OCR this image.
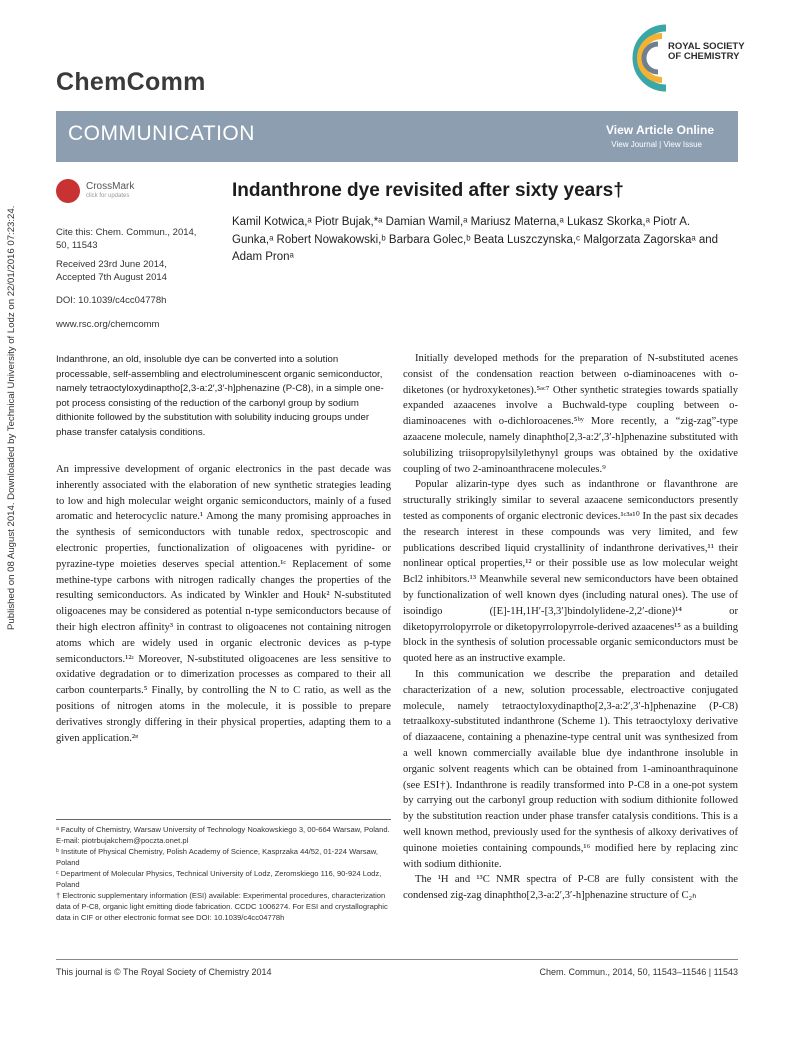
Published on 08 August 2014. Downloaded by Technical University of Lodz on 22/01/2016 07:23:24.
ChemComm
ROYAL SOCIETY
OF CHEMISTRY
COMMUNICATION	View Article Online
View Journal | View Issue
CrossMark
click for updates
Cite this: Chem. Commun., 2014,
50, 11543
Received 23rd June 2014,
Accepted 7th August 2014
DOI: 10.1039/c4cc04778h
www.rsc.org/chemcomm
Indanthrone dye revisited after sixty years†
Kamil Kotwica,ᵃ Piotr Bujak,*ᵃ Damian Wamil,ᵃ Mariusz Materna,ᵃ Lukasz Skorka,ᵃ Piotr A. Gunka,ᵃ Robert Nowakowski,ᵇ Barbara Golec,ᵇ Beata Luszczynska,ᶜ Malgorzata Zagorskaᵃ and Adam Pronᵃ
Indanthrone, an old, insoluble dye can be converted into a solution processable, self-assembling and electroluminescent organic semiconductor, namely tetraoctyloxydinaptho[2,3-a:2′,3′-h]phenazine (P-C8), in a simple one-pot process consisting of the reduction of the carbonyl group by sodium dithionite followed by the substitution with solubility inducing groups under phase transfer catalysis conditions.

An impressive development of organic electronics in the past decade was inherently associated with the elaboration of new synthetic strategies leading to low and high molecular weight organic semiconductors, mainly of a fused aromatic and heterocyclic nature.¹ Among the many promising approaches in the synthesis of semiconductors with tunable redox, spectroscopic and electronic properties, functionalization of oligoacenes with pyridine- or pyrazine-type moieties deserves special attention.¹ᶜ Replacement of some methine-type carbons with nitrogen radically changes the properties of the resulting semiconductors. As indicated by Winkler and Houk² N-substituted oligoacenes may be considered as potential n-type semiconductors because of their high electron affinity³ in contrast to oligoacenes not containing nitrogen atoms which are widely used in organic electronic devices as p-type semiconductors.¹²ʴ Moreover, N-substituted oligoacenes are less sensitive to oxidative degradation or to dimerization processes as compared to their all carbon counterparts.⁵ Finally, by controlling the N to C ratio, as well as the positions of nitrogen atoms in the molecule, it is possible to prepare derivatives strongly differing in their physical properties, adapting them to a given application.²ʶ

Initially developed methods for the preparation of N-substituted acenes consist of the condensation reaction between o-diaminoacenes with o-diketones (or hydroxyketones).⁵ᵃᶜ⁷ Other synthetic strategies towards spatially expanded azaacenes involve a Buchwald-type coupling between o-diaminoacenes with o-dichloroacenes.⁵ᵇʸ More recently, a “zig-zag”-type azaacene molecule, namely dinaphtho[2,3-a:2′,3′-h]phenazine substituted with solubilizing triisopropylsilylethynyl groups was obtained by the oxidative coupling of two 2-aminoanthracene molecules.⁹

Popular alizarin-type dyes such as indanthrone or flavanthrone are structurally strikingly similar to several azaacene semiconductors presently tested as components of organic electronic devices.¹ᶜ³ᵃ¹⁰ In the past six decades the research interest in these compounds was very limited, and few publications described liquid crystallinity of indanthrone derivatives,¹¹ their nonlinear optical properties,¹² or their possible use as low molecular weight Bcl2 inhibitors.¹³ Meanwhile several new semiconductors have been obtained by functionalization of well known dyes (including natural ones). The use of isoindigo ([E]-1H,1H′-[3,3′]bindolylidene-2,2′-dione)¹⁴ or diketopyrrolopyrrole or diketopyrrolopyrrole-derived azaacenes¹⁵ as a building block in the synthesis of solution processable organic semiconductors must be quoted here as an instructive example.

In this communication we describe the preparation and detailed characterization of a new, solution processable, electroactive conjugated molecule, namely tetraoctyloxydinaptho[2,3-a:2′,3′-h]phenazine (P-C8) tetraalkoxy-substituted indanthrone (Scheme 1). This tetraoctyloxy derivative of diazaacene, containing a phenazine-type central unit was synthesized from a well known commercially available blue dye indanthrone insoluble in organic solvent reagents which can be obtained from 1-aminoanthraquinone (see ESI†). Indanthrone is readily transformed into P-C8 in a one-pot system by carrying out the carbonyl group reduction with sodium dithionite followed by the substitution reaction under phase transfer catalysis conditions. This is a well known method, previously used for the synthesis of alkoxy derivatives of quinone moieties containing compounds,¹⁶ modified here by replacing zinc with sodium dithionite.

The ¹H and ¹³C NMR spectra of P-C8 are fully consistent with the condensed zig-zag dinaphtho[2,3-a:2′,3′-h]phenazine structure of C₂ₕ

ᵃ Faculty of Chemistry, Warsaw University of Technology Noakowskiego 3, 00-664 Warsaw, Poland. E-mail: piotrbujakchem@poczta.onet.pl
ᵇ Institute of Physical Chemistry, Polish Academy of Science, Kasprzaka 44/52, 01-224 Warsaw, Poland
ᶜ Department of Molecular Physics, Technical University of Lodz, Zeromskiego 116, 90-924 Lodz, Poland
† Electronic supplementary information (ESI) available: Experimental procedures, characterization data of P-C8, organic light emitting diode fabrication. CCDC 1006274. For ESI and crystallographic data in CIF or other electronic format see DOI: 10.1039/c4cc04778h
This journal is © The Royal Society of Chemistry 2014	Chem. Commun., 2014, 50, 11543–11546 | 11543
